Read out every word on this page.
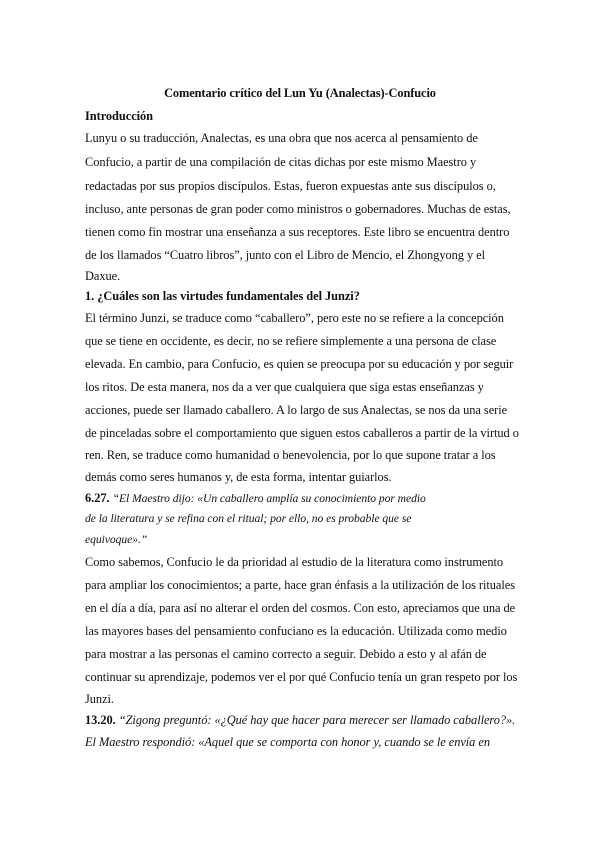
Comentario crítico del Lun Yu (Analectas)-Confucio
Introducción
Lunyu o su traducción, Analectas, es una obra que nos acerca al pensamiento de
Confucio, a partir de una compilación de citas dichas por este mismo Maestro y
redactadas por sus propios discípulos. Estas, fueron expuestas ante sus discípulos o,
incluso, ante personas de gran poder como ministros o gobernadores. Muchas de estas,
tienen como fin mostrar una enseñanza a sus receptores. Este libro se encuentra dentro
de los llamados “Cuatro libros”, junto con el Libro de Mencio, el Zhongyong y el
Daxue.
1. ¿Cuáles son las virtudes fundamentales del Junzi?
El término Junzi, se traduce como “caballero”, pero este no se refiere a la concepción
que se tiene en occidente, es decir, no se refiere simplemente a una persona de clase
elevada. En cambio, para Confucio, es quien se preocupa por su educación y por seguir
los ritos. De esta manera, nos da a ver que cualquiera que siga estas enseñanzas y
acciones, puede ser llamado caballero. A lo largo de sus Analectas, se nos da una serie
de pinceladas sobre el comportamiento que siguen estos caballeros a partir de la virtud o
ren. Ren, se traduce como humanidad o benevolencia, por lo que supone tratar a los
demás como seres humanos y, de esta forma, intentar guiarlos.
6.27. “El Maestro dijo: «Un caballero amplía su conocimiento por medio
de la literatura y se refina con el ritual; por ello, no es probable que se
equivoque».”
Como sabemos, Confucio le da prioridad al estudio de la literatura como instrumento
para ampliar los conocimientos; a parte, hace gran énfasis a la utilización de los rituales
en el día a día, para así no alterar el orden del cosmos. Con esto, apreciamos que una de
las mayores bases del pensamiento confuciano es la educación. Utilizada como medio
para mostrar a las personas el camino correcto a seguir. Debido a esto y al afán de
continuar su aprendizaje, podemos ver el por qué Confucio tenía un gran respeto por los
Junzi.
13.20. “Zigong preguntó: «¿Qué hay que hacer para merecer ser llamado caballero?».
El Maestro respondió: «Aquel que se comporta con honor y, cuando se le envía en
